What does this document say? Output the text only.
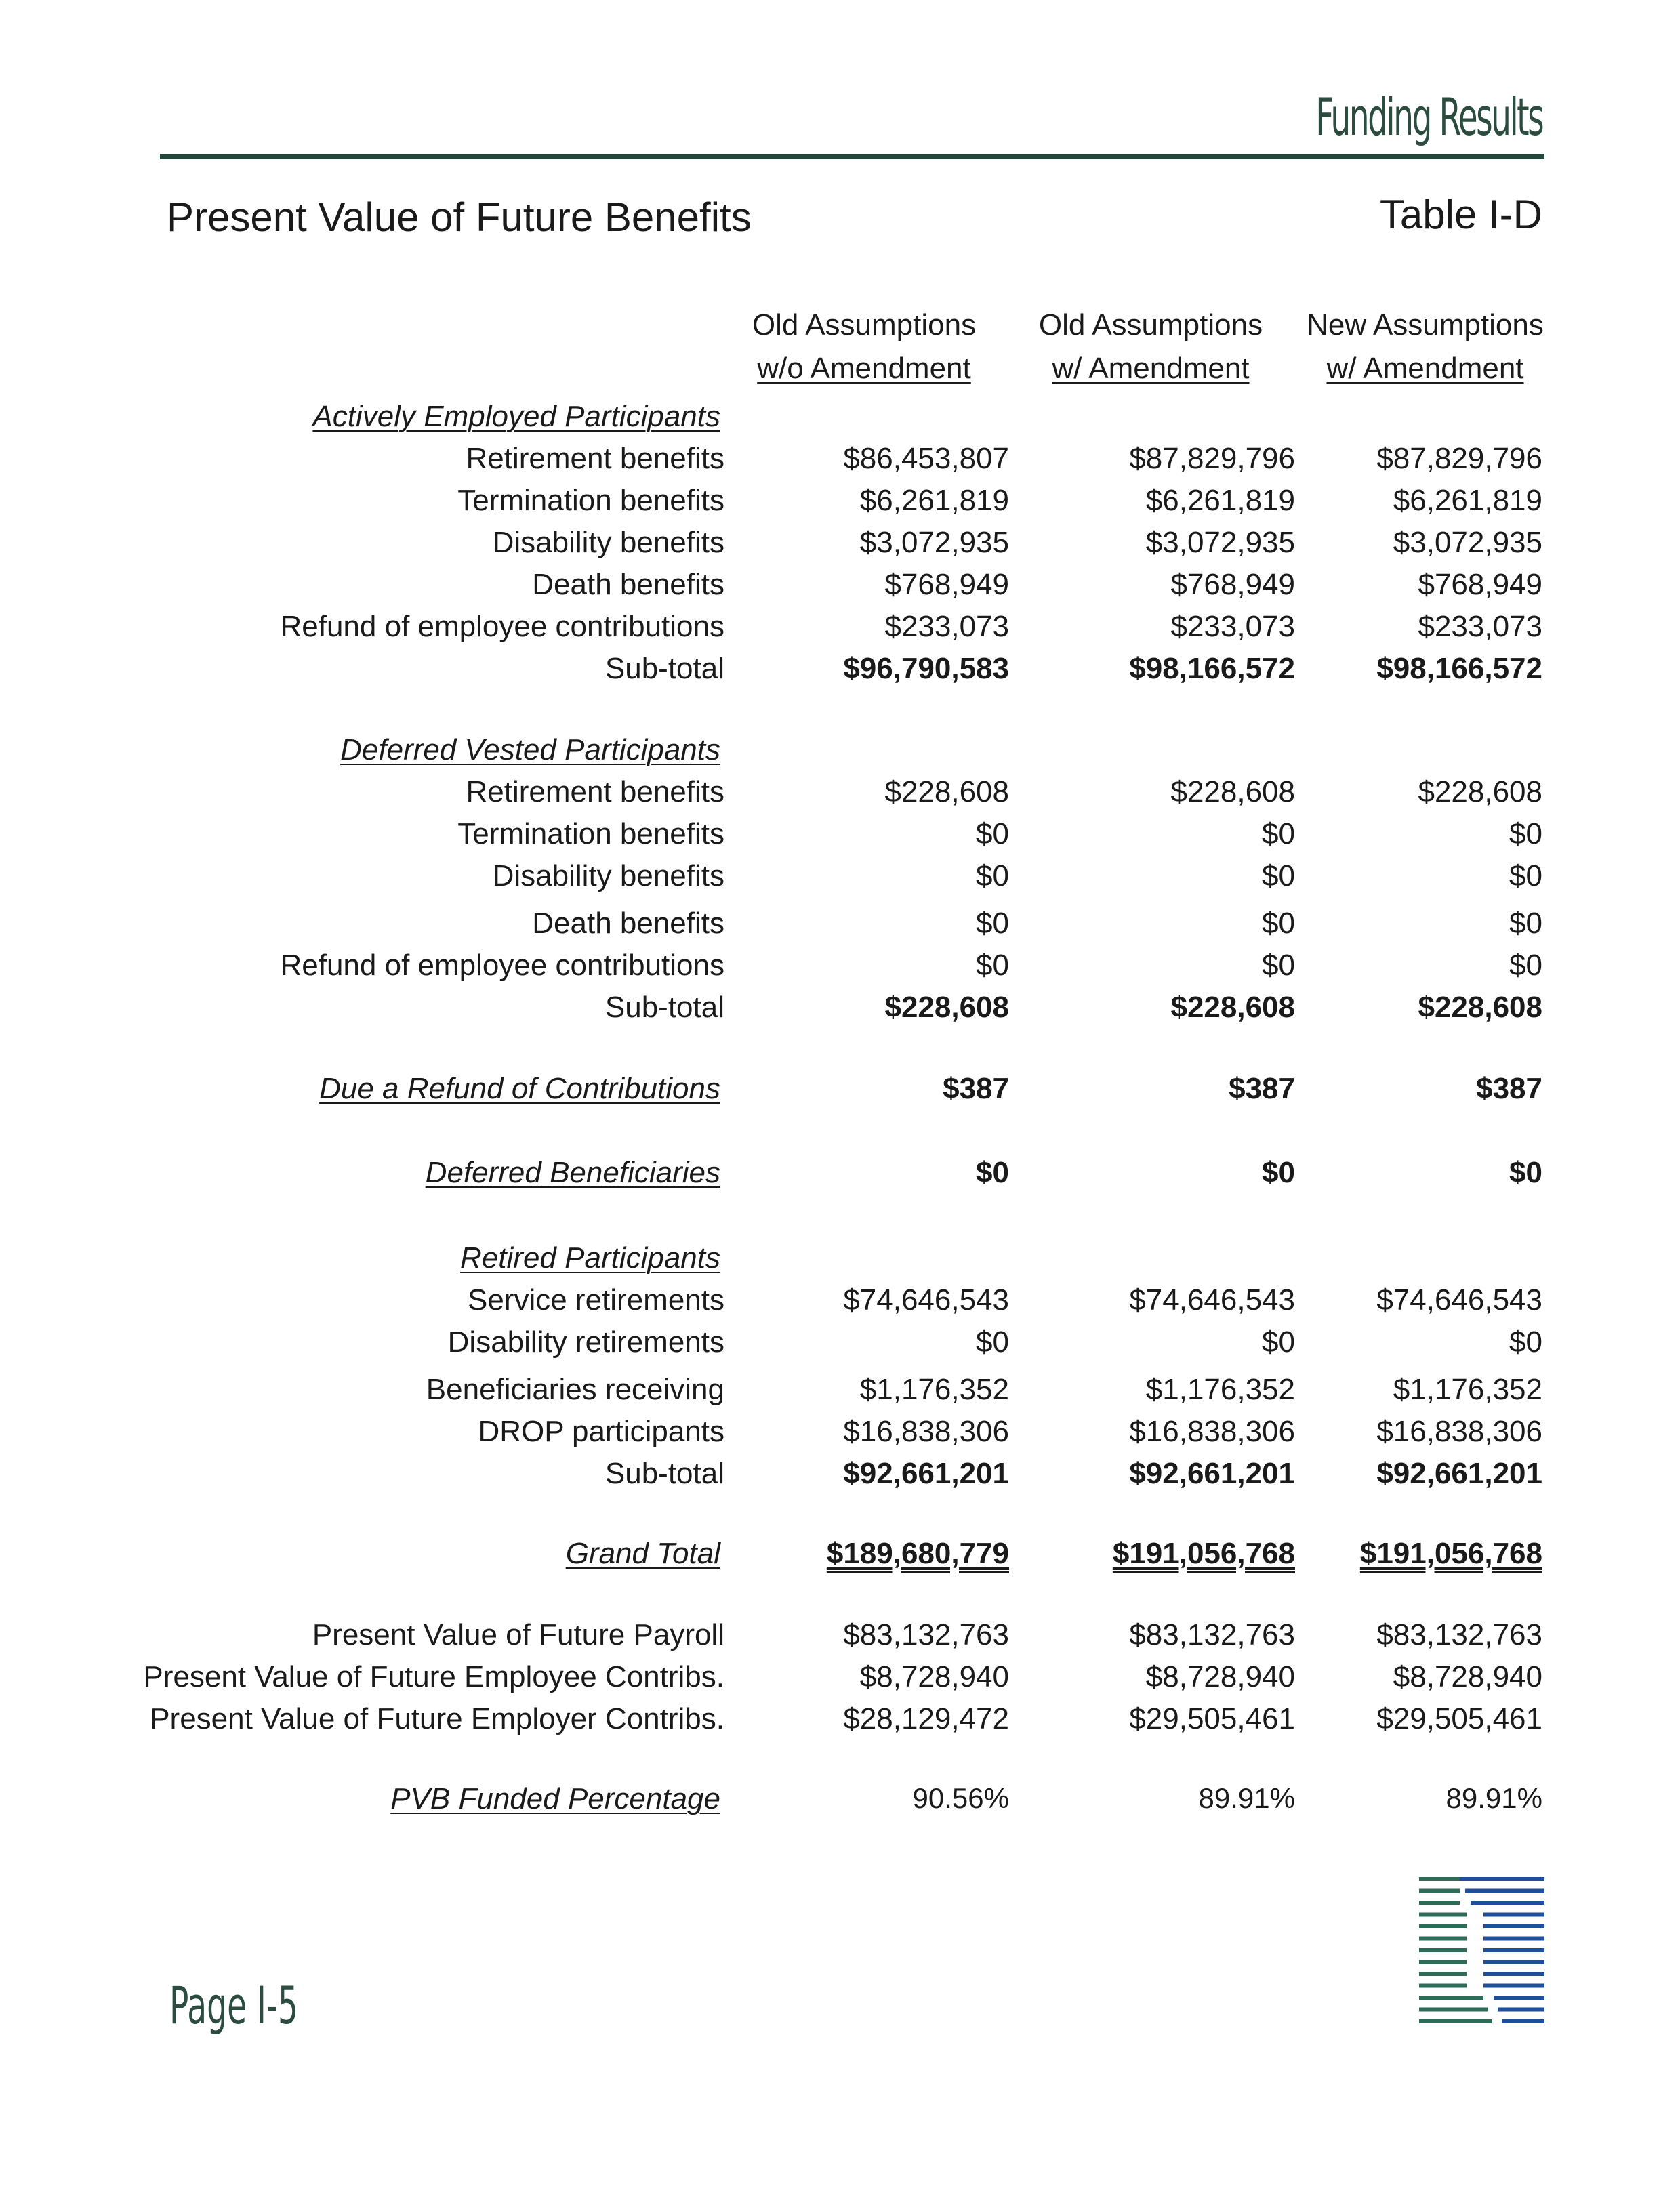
Funding Results
Present Value of Future Benefits	Table I-D
Old Assumptions
w/o Amendment
Old Assumptions
w/ Amendment
New Assumptions
w/ Amendment
Actively Employed Participants
Retirement benefits	$86,453,807	$87,829,796	$87,829,796
Termination benefits	$6,261,819	$6,261,819	$6,261,819
Disability benefits	$3,072,935	$3,072,935	$3,072,935
Death benefits	$768,949	$768,949	$768,949
Refund of employee contributions	$233,073	$233,073	$233,073
Sub-total	$96,790,583	$98,166,572	$98,166,572
Deferred Vested Participants
Retirement benefits	$228,608	$228,608	$228,608
Termination benefits	$0	$0	$0
Disability benefits	$0	$0	$0
Death benefits	$0	$0	$0
Refund of employee contributions	$0	$0	$0
Sub-total	$228,608	$228,608	$228,608
Due a Refund of Contributions	$387	$387	$387
Deferred Beneficiaries	$0	$0	$0
Retired Participants
Service retirements	$74,646,543	$74,646,543	$74,646,543
Disability retirements	$0	$0	$0
Beneficiaries receiving	$1,176,352	$1,176,352	$1,176,352
DROP participants	$16,838,306	$16,838,306	$16,838,306
Sub-total	$92,661,201	$92,661,201	$92,661,201
Grand Total	$189,680,779	$191,056,768 $191,056,768
Present Value of Future Payroll	$83,132,763	$83,132,763	$83,132,763
Present Value of Future Employee Contribs.	$8,728,940	$8,728,940	$8,728,940
Present Value of Future Employer Contribs.	$28,129,472	$29,505,461	$29,505,461
PVB Funded Percentage	90.56%	89.91%	89.91%
Page I-5
